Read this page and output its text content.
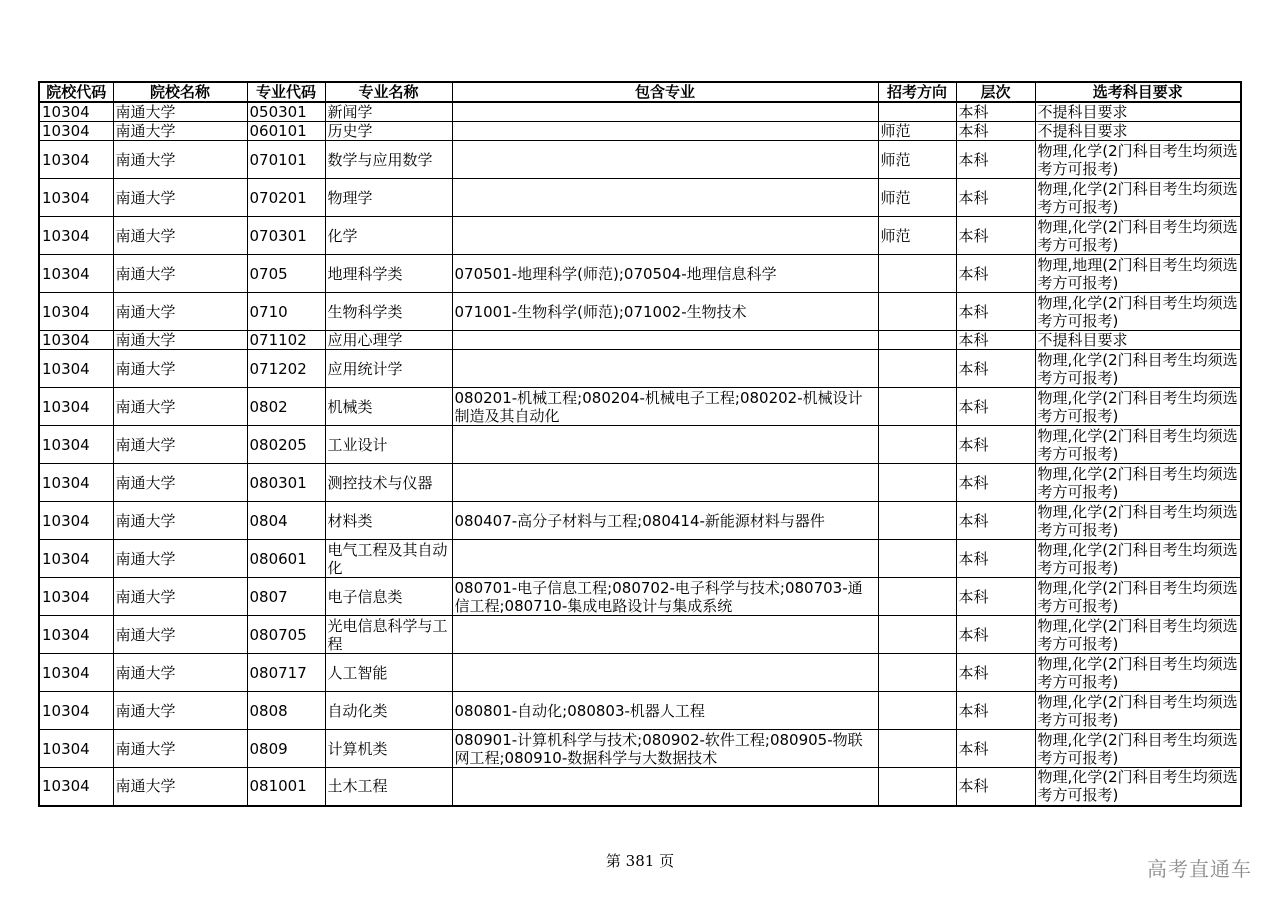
院校代码	院校名称	专业代码	专业名称	包含专业	招考方向	层次	选考科目要求
10304	南通大学	050301	新闻学			本科	不提科目要求
10304	南通大学	060101	历史学		师范	本科	不提科目要求
10304	南通大学	070101	数学与应用数学		师范	本科	物理,化学(2门科目考生均须选考方可报考)
10304	南通大学	070201	物理学		师范	本科	物理,化学(2门科目考生均须选考方可报考)
10304	南通大学	070301	化学		师范	本科	物理,化学(2门科目考生均须选考方可报考)
10304	南通大学	0705	地理科学类	070501-地理科学(师范);070504-地理信息科学		本科	物理,地理(2门科目考生均须选考方可报考)
10304	南通大学	0710	生物科学类	071001-生物科学(师范);071002-生物技术		本科	物理,化学(2门科目考生均须选考方可报考)
10304	南通大学	071102	应用心理学			本科	不提科目要求
10304	南通大学	071202	应用统计学			本科	物理,化学(2门科目考生均须选考方可报考)
10304	南通大学	0802	机械类	080201-机械工程;080204-机械电子工程;080202-机械设计制造及其自动化		本科	物理,化学(2门科目考生均须选考方可报考)
10304	南通大学	080205	工业设计			本科	物理,化学(2门科目考生均须选考方可报考)
10304	南通大学	080301	测控技术与仪器			本科	物理,化学(2门科目考生均须选考方可报考)
10304	南通大学	0804	材料类	080407-高分子材料与工程;080414-新能源材料与器件		本科	物理,化学(2门科目考生均须选考方可报考)
10304	南通大学	080601	电气工程及其自动化			本科	物理,化学(2门科目考生均须选考方可报考)
10304	南通大学	0807	电子信息类	080701-电子信息工程;080702-电子科学与技术;080703-通信工程;080710-集成电路设计与集成系统		本科	物理,化学(2门科目考生均须选考方可报考)
10304	南通大学	080705	光电信息科学与工程			本科	物理,化学(2门科目考生均须选考方可报考)
10304	南通大学	080717	人工智能			本科	物理,化学(2门科目考生均须选考方可报考)
10304	南通大学	0808	自动化类	080801-自动化;080803-机器人工程		本科	物理,化学(2门科目考生均须选考方可报考)
10304	南通大学	0809	计算机类	080901-计算机科学与技术;080902-软件工程;080905-物联网工程;080910-数据科学与大数据技术		本科	物理,化学(2门科目考生均须选考方可报考)
10304	南通大学	081001	土木工程			本科	物理,化学(2门科目考生均须选考方可报考)
第 381 页	高考直通车
